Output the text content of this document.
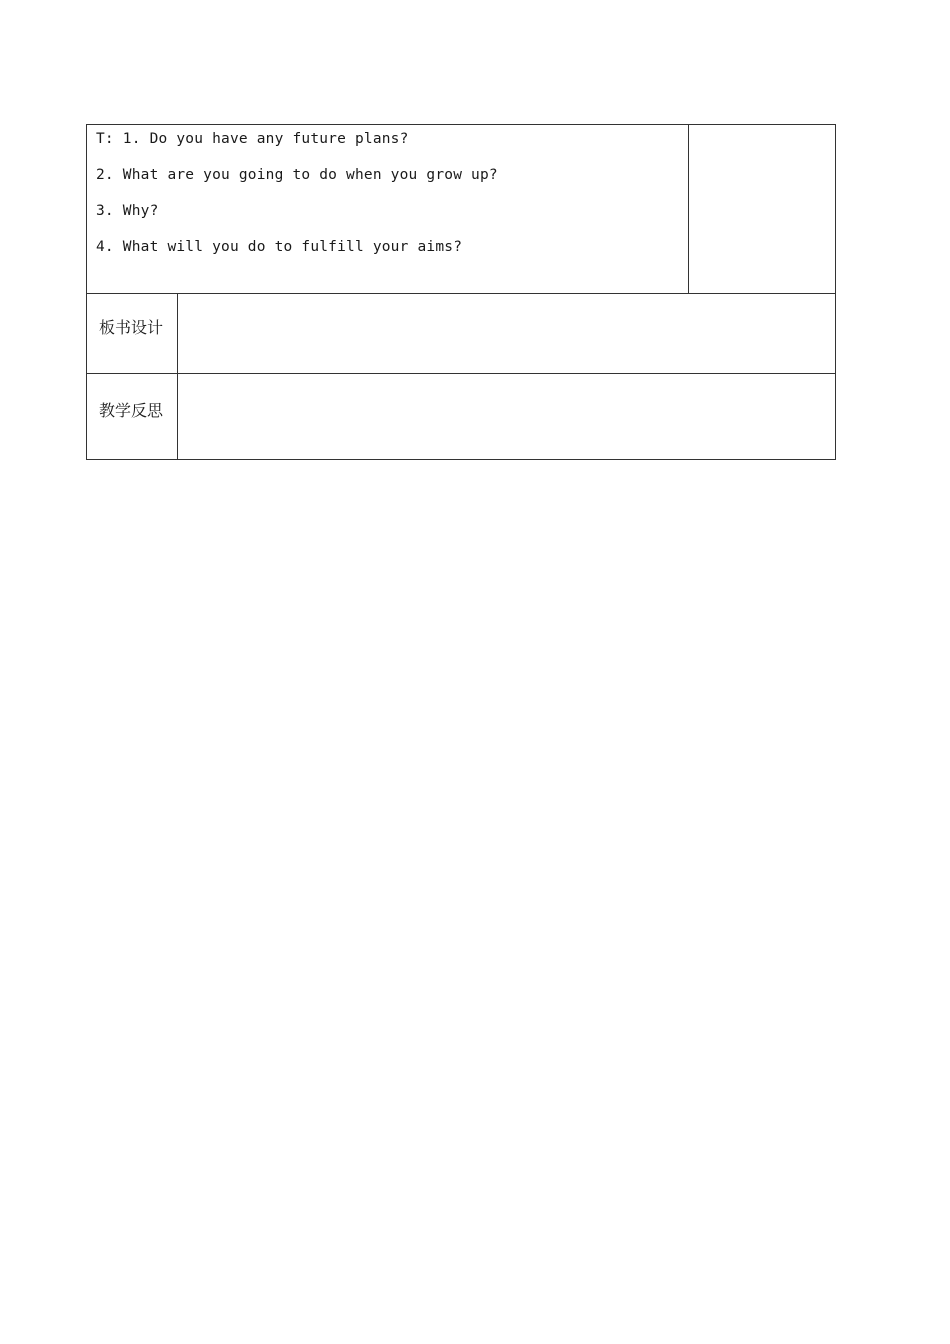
T: 1. Do you have any future plans?
2. What are you going to do when you grow up?
3. Why?
4. What will you do to fulfill your aims?
板书设计
教学反思
